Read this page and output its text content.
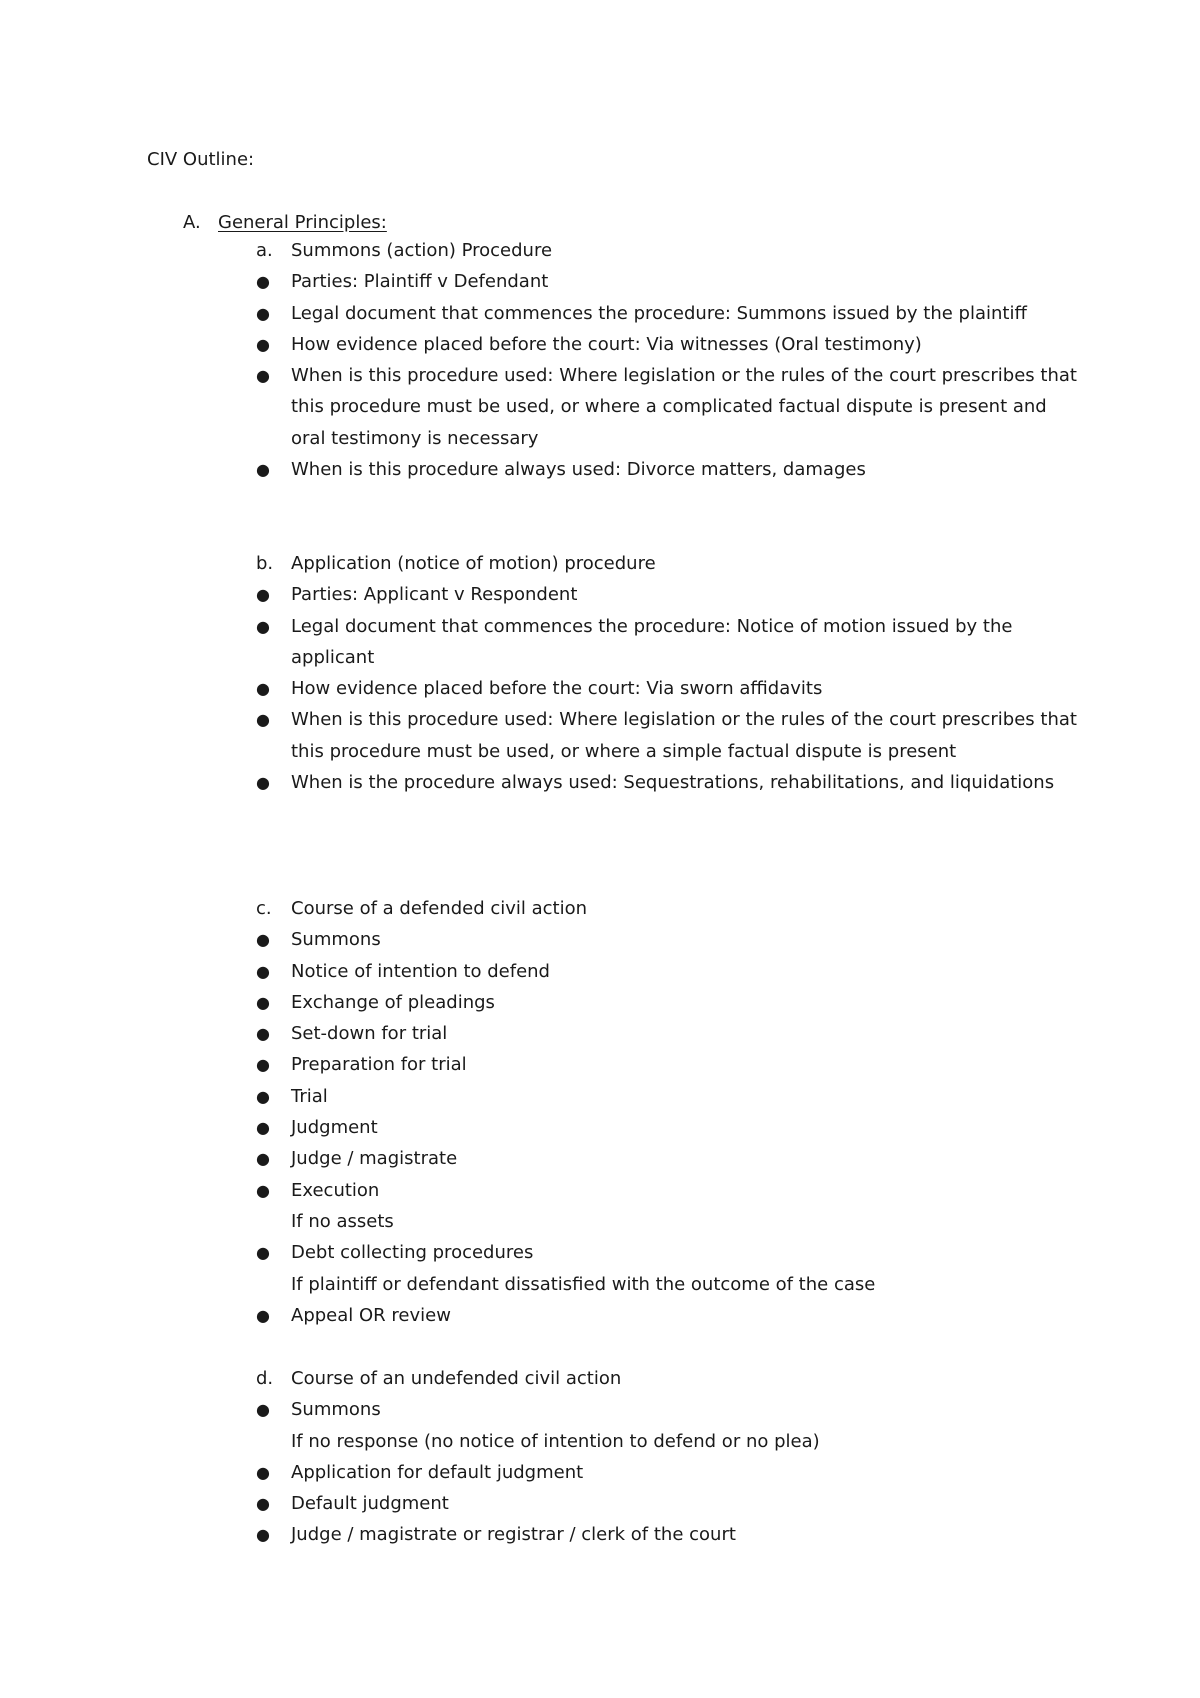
CIV Outline:
A. General Principles:
a. Summons (action) Procedure
●	Parties: Plaintiff v Defendant
●	Legal document that commences the procedure: Summons issued by the plaintiff
●	How evidence placed before the court: Via witnesses (Oral testimony)
●	When is this procedure used: Where legislation or the rules of the court prescribes that this procedure must be used, or where a complicated factual dispute is present and oral testimony is necessary
●	When is this procedure always used: Divorce matters, damages
b. Application (notice of motion) procedure
●	Parties: Applicant v Respondent
●	Legal document that commences the procedure: Notice of motion issued by the applicant
●	How evidence placed before the court: Via sworn affidavits
●	When is this procedure used: Where legislation or the rules of the court prescribes that this procedure must be used, or where a simple factual dispute is present
●	When is the procedure always used: Sequestrations, rehabilitations, and liquidations
c. Course of a defended civil action
●	Summons
●	Notice of intention to defend
●	Exchange of pleadings
●	Set-down for trial
●	Preparation for trial
●	Trial
●	Judgment
●	Judge / magistrate
●	Execution
If no assets
●	Debt collecting procedures
If plaintiff or defendant dissatisfied with the outcome of the case
●	Appeal OR review
d. Course of an undefended civil action
●	Summons
If no response (no notice of intention to defend or no plea)
●	Application for default judgment
●	Default judgment
●	Judge / magistrate or registrar / clerk of the court
